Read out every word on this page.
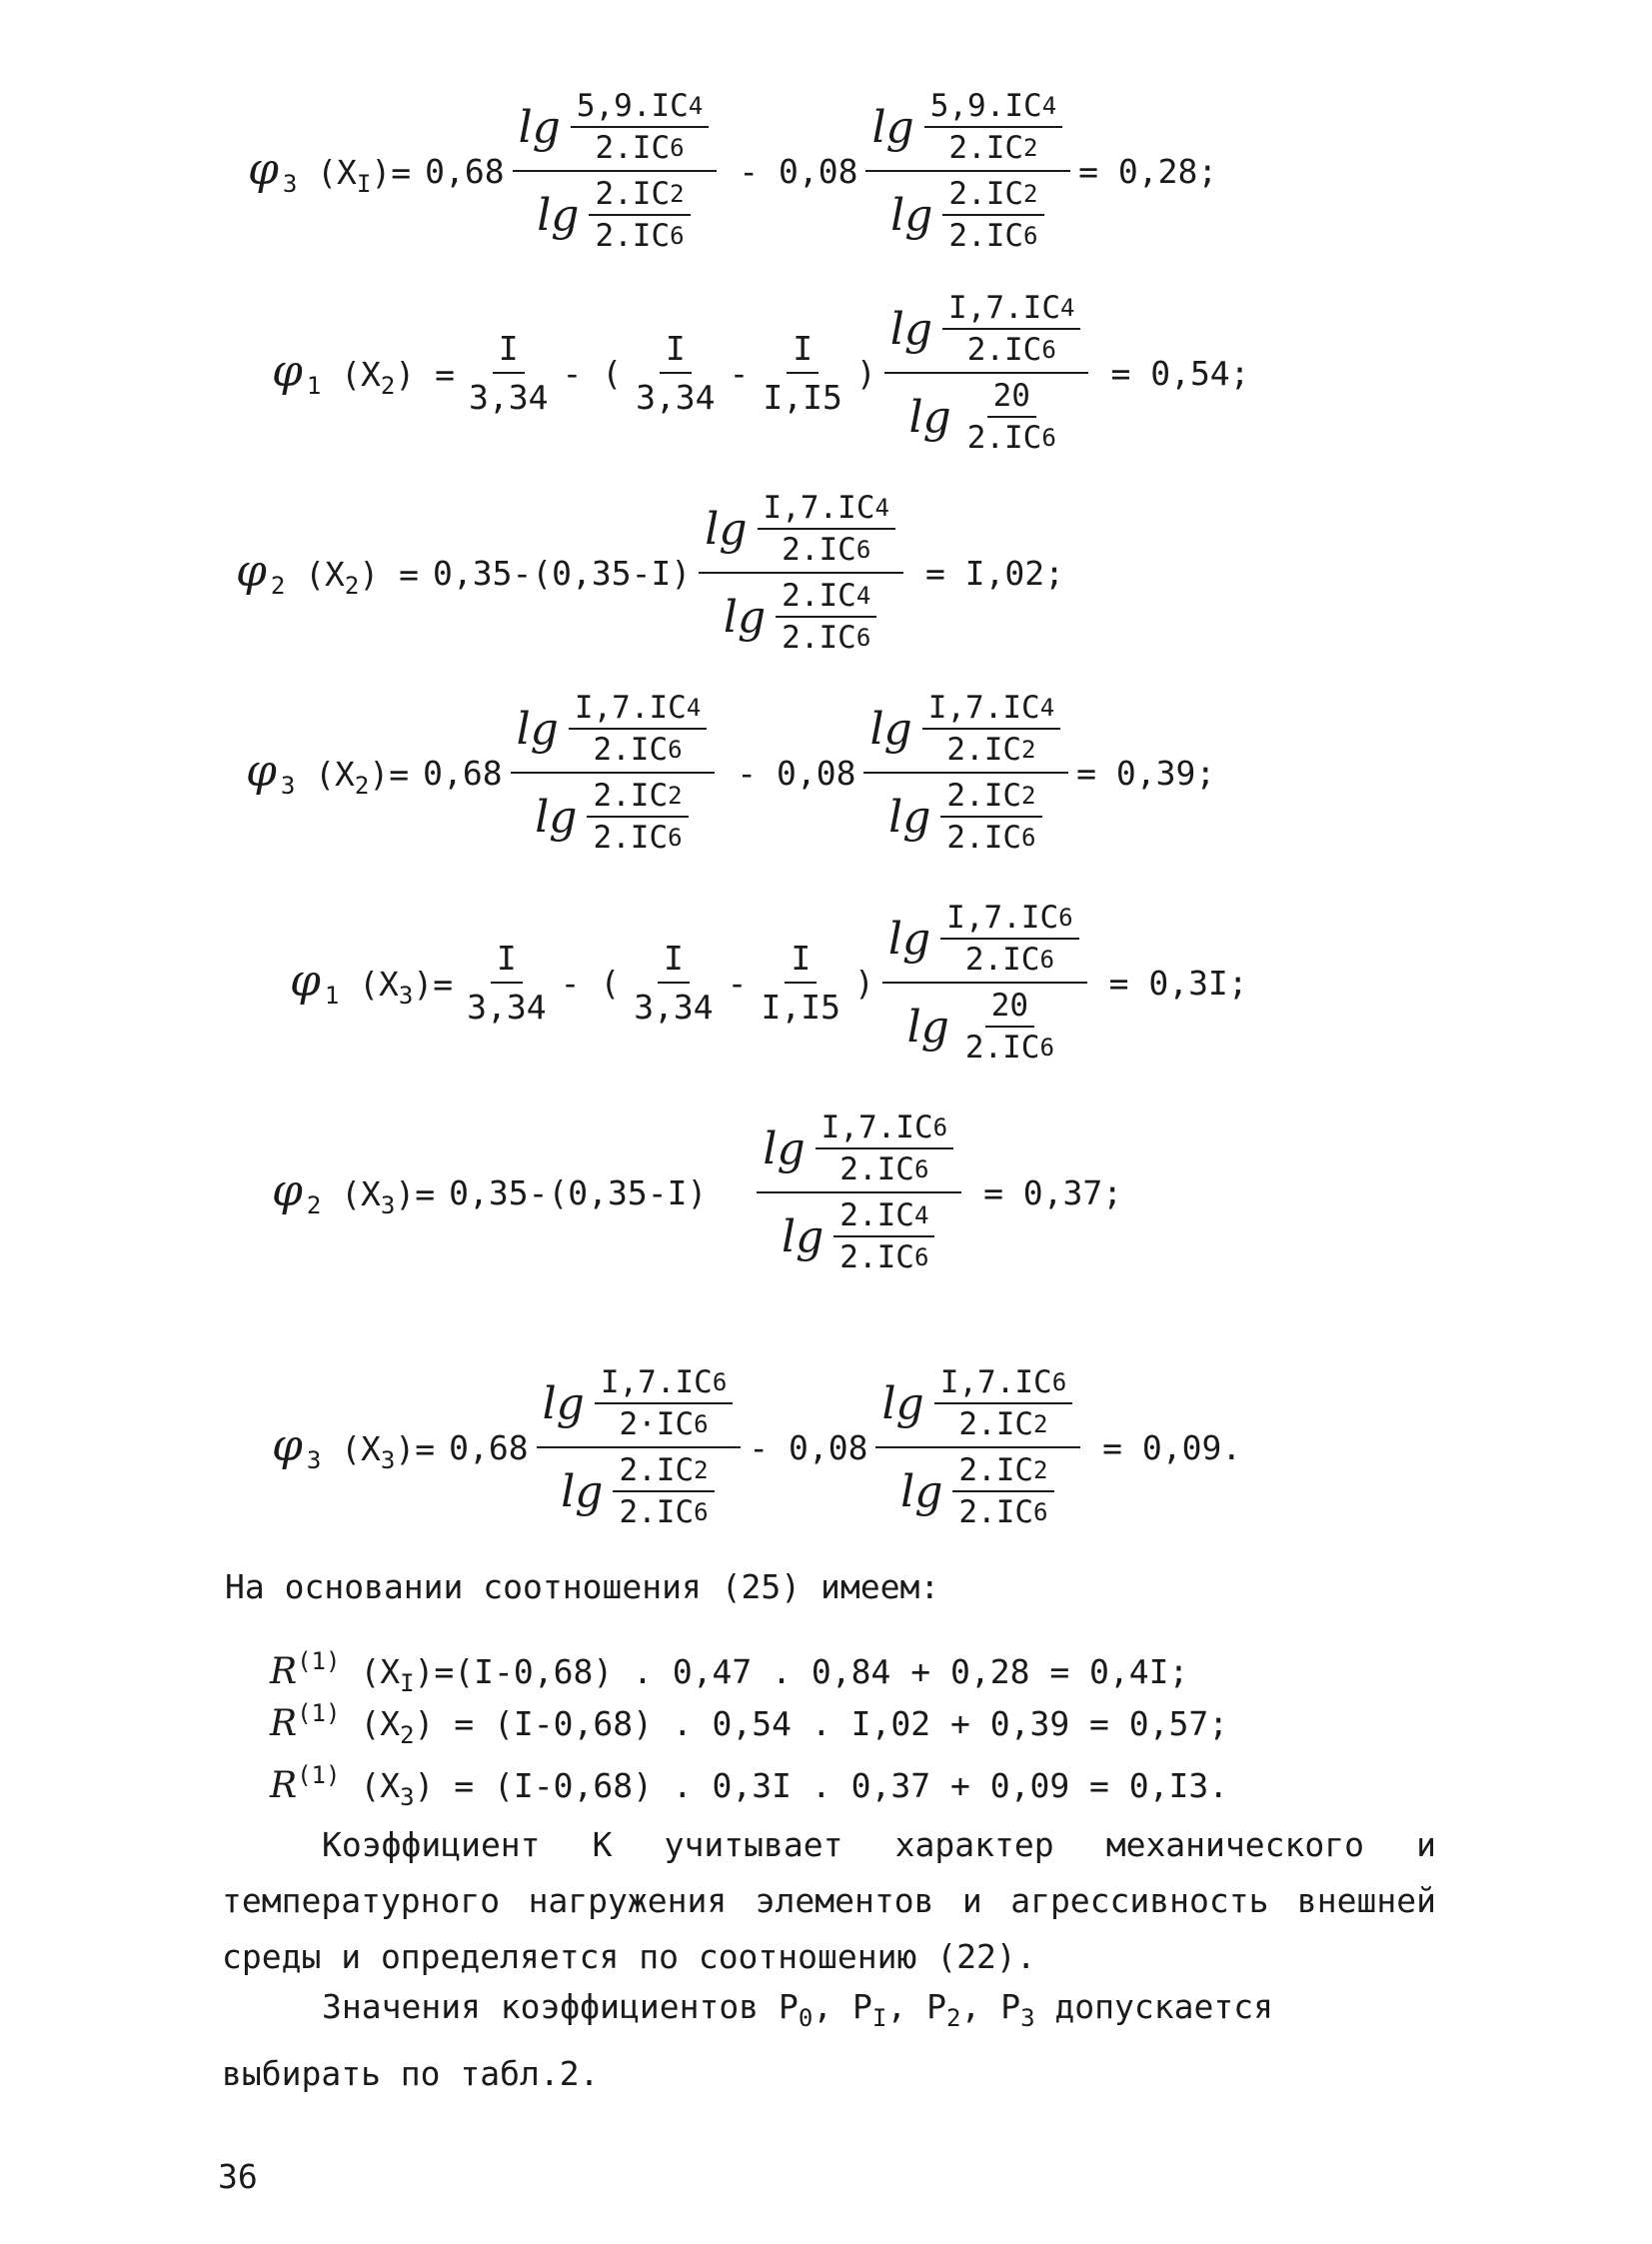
φ $_3$ $(X_I)= 0,68 \frac{\lg \frac{5,9.IC 4}{2.IC 6}}{\lg \frac{2.IC 2}{2.IC 6}} - 0,08 \frac{\lg \frac{5,9.IC 4}{2.IC 2}}{\lg \frac{2.IC 2}{2.IC 6}} = 0,28$;
φ $_1$ $(X_2) = \frac{I}{3,34}$ - ( $\frac{I}{3,34} - \frac{I}{I,I5}$ ) $\frac{\lg \frac{I,7.IC 4}{2.IC 6}}{\lg \frac{20}{2.IC 6}} = 0,54$;
φ $_2$ $(X_2) = 0,35-(0,35-I) \frac{\lg \frac{I,7.IC 4}{2.IC 6}}{\lg \frac{2.IC 4}{2.IC 6}} = I,02$;
φ $_3$ $(X_2)= 0,68 \frac{\lg \frac{I,7.IC 4}{2.IC 6}}{\lg \frac{2.IC 2}{2.IC 6}} - 0,08 \frac{\lg \frac{I,7.IC 4}{2.IC 2}}{\lg \frac{2.IC 2}{2.IC 6}} = 0,39$;
φ $_1$ $(X_3)= \frac{I}{3,34}$ - ( $\frac{I}{3,34} - \frac{I}{I,I5}$ ) $\frac{\lg \frac{I,7.IC 6}{2.IC 6}}{\lg \frac{20}{2.IC 6}} = 0,3I$;
φ $_2$ $(X_3)= 0,35-(0,35-I) \frac{\lg \frac{I,7.IC 6}{2.IC 6}}{\lg \frac{2.IC 4}{2.IC 6}} = 0,37$;
φ $_3$ $(X_3)= 0,68 \frac{\lg \frac{I,7.IC 6}{2\cdot IC 6}}{\lg \frac{2.IC 2}{2.IC 6}} - 0,08 \frac{\lg \frac{I,7.IC 6}{2.IC 2}}{\lg \frac{2.IC 2}{2.IC 6}} = 0,09$.
На основании соотношения (25) имеем:
$R^{(1)}$ $(X_I)=(I-0,68)$ . 0,47 . 0,84 + 0,28 = 0,4I;
$R^{(1)}$ $(X_2) = (I-0,68)$ . 0,54 . I,02 + 0,39 = 0,57;
$R^{(1)}$ $(X_3) = (I-0,68)$ . 0,3I . 0,37 + 0,09 = 0,I3.
Коэффициент К учитывает характер механического и температурного нагружения элементов и агрессивность внешней среды и определяется по соотношению (22).
Значения коэффициентов $Р_0$, $Р_I$, $Р_2$, $Р_3$ допускается выбирать по табл.2.
36
